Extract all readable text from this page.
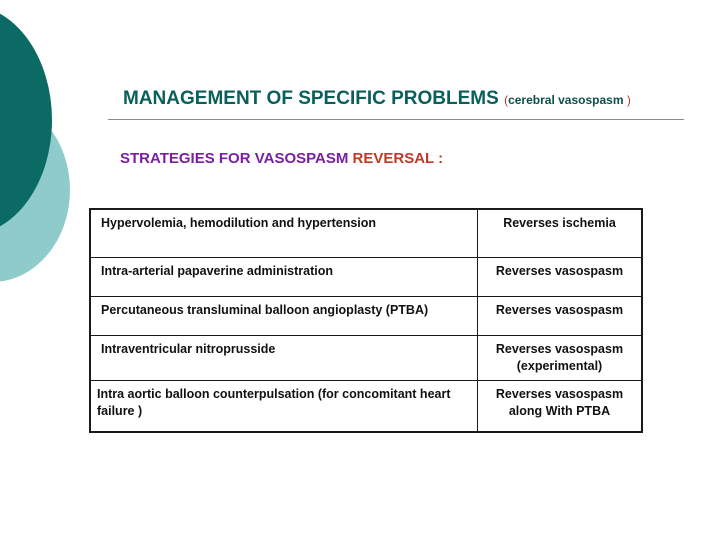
MANAGEMENT OF SPECIFIC PROBLEMS (cerebral vasospasm )
STRATEGIES FOR VASOSPASM REVERSAL :
Hypervolemia, hemodilution and hypertension	Reverses ischemia
Intra-arterial papaverine administration	Reverses vasospasm
Percutaneous transluminal balloon angioplasty (PTBA)	Reverses vasospasm
Intraventricular nitroprusside	Reverses vasospasm (experimental)
Intra aortic balloon counterpulsation (for concomitant heart failure )	Reverses vasospasm along With PTBA
